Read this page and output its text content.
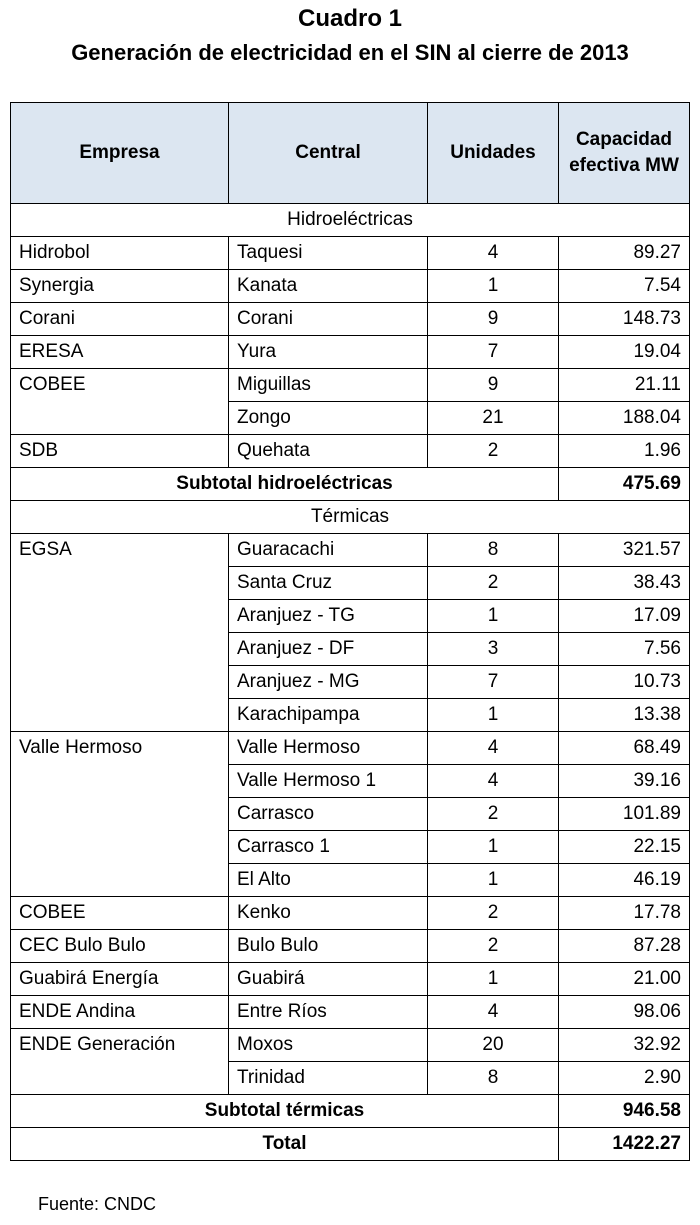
Cuadro 1
Generación de electricidad en el SIN al cierre de 2013
Empresa	Central	Unidades	Capacidad efectiva MW
Hidroeléctricas			
Hidrobol	Taquesi	4	89.27
Synergia	Kanata	1	7.54
Corani	Corani	9	148.73
ERESA	Yura	7	19.04
COBEE	Miguillas	9	21.11
	Zongo	21	188.04
SDB	Quehata	2	1.96
Subtotal hidroeléctricas			475.69
Térmicas			
EGSA	Guaracachi	8	321.57
	Santa Cruz	2	38.43
	Aranjuez - TG	1	17.09
	Aranjuez - DF	3	7.56
	Aranjuez - MG	7	10.73
	Karachipampa	1	13.38
Valle Hermoso	Valle Hermoso	4	68.49
	Valle Hermoso 1	4	39.16
	Carrasco	2	101.89
	Carrasco 1	1	22.15
	El Alto	1	46.19
COBEE	Kenko	2	17.78
CEC Bulo Bulo	Bulo Bulo	2	87.28
Guabirá Energía	Guabirá	1	21.00
ENDE Andina	Entre Ríos	4	98.06
ENDE Generación	Moxos	20	32.92
	Trinidad	8	2.90
Subtotal térmicas			946.58
Total			1422.27
Fuente: CNDC
